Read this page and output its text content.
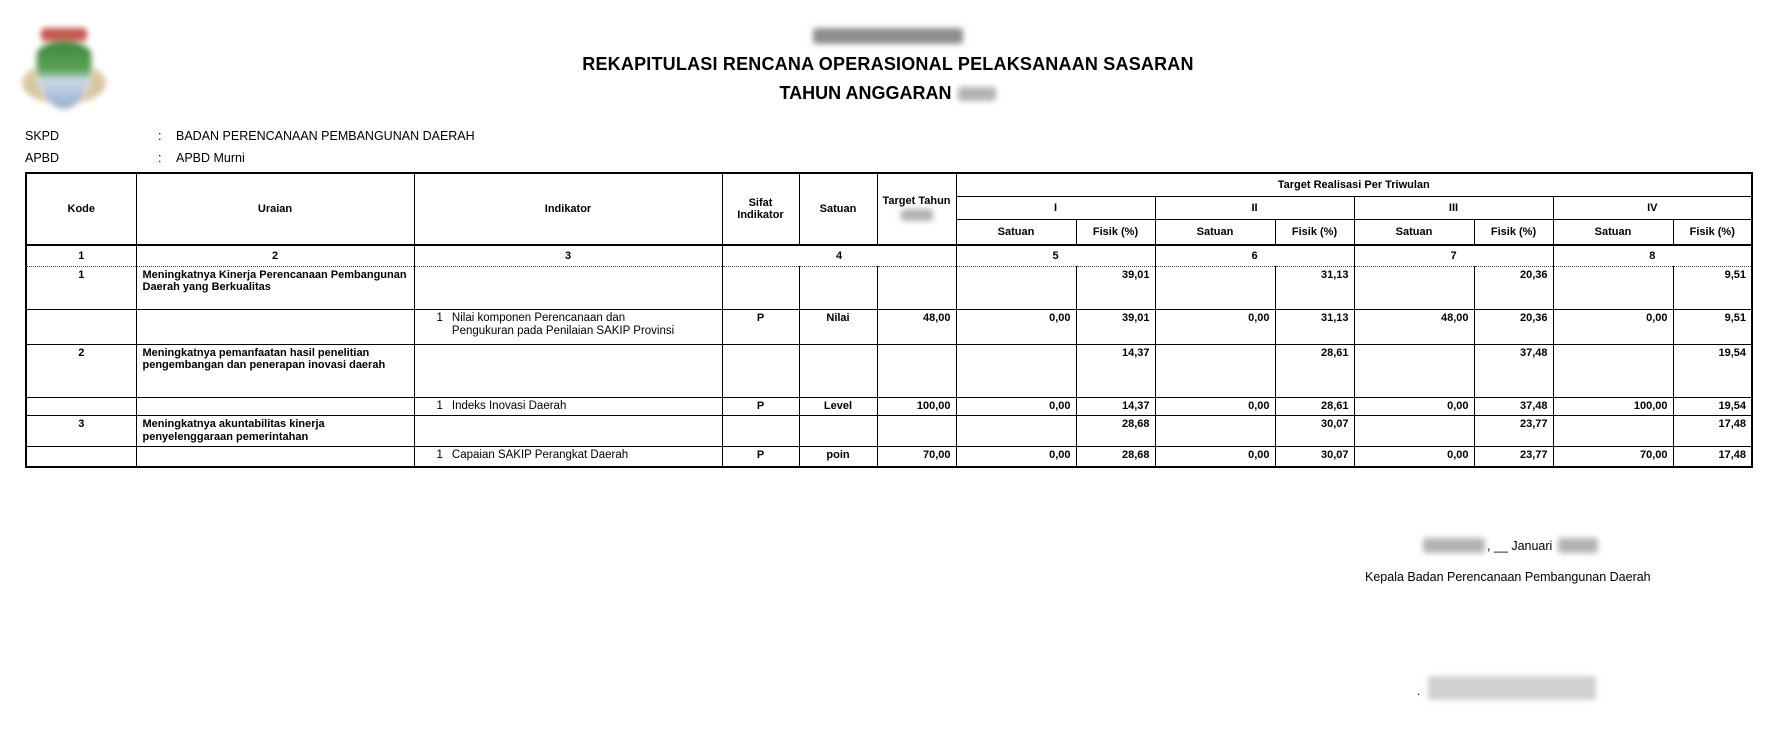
REKAPITULASI RENCANA OPERASIONAL PELAKSANAAN SASARAN
TAHUN ANGGARAN
SKPD	:	BADAN PERENCANAAN PEMBANGUNAN DAERAH
APBD	:	APBD Murni
Kode	Uraian	Indikator	Sifat Indikator	Satuan	Target Tahun	Target Realisasi Per Triwulan							
						I		II		III		IV	
						Satuan	Fisik (%)	Satuan	Fisik (%)	Satuan	Fisik (%)	Satuan	Fisik (%)
1	2	3	4			5		6		7		8	
1	Meningkatnya Kinerja Perencanaan Pembangunan Daerah yang Berkualitas						39,01		31,13		20,36		9,51

		1 Nilai komponen Perencanaan dan Pengukuran pada Penilaian SAKIP Provinsi	P	Nilai	48,00	0,00	39,01	0,00	31,13	48,00	20,36	0,00	9,51
2	Meningkatnya pemanfaatan hasil penelitian pengembangan dan penerapan inovasi daerah						14,37		28,61		37,48		19,54

		1 Indeks Inovasi Daerah	P	Level	100,00	0,00	14,37	0,00	28,61	0,00	37,48	100,00	19,54
3	Meningkatnya akuntabilitas kinerja penyelenggaraan pemerintahan						28,68		30,07		23,77		17,48

		1 Capaian SAKIP Perangkat Daerah	P	poin	70,00	0,00	28,68	0,00	30,07	0,00	23,77	70,00	17,48
, __ Januari
Kepala Badan Perencanaan Pembangunan Daerah
.
